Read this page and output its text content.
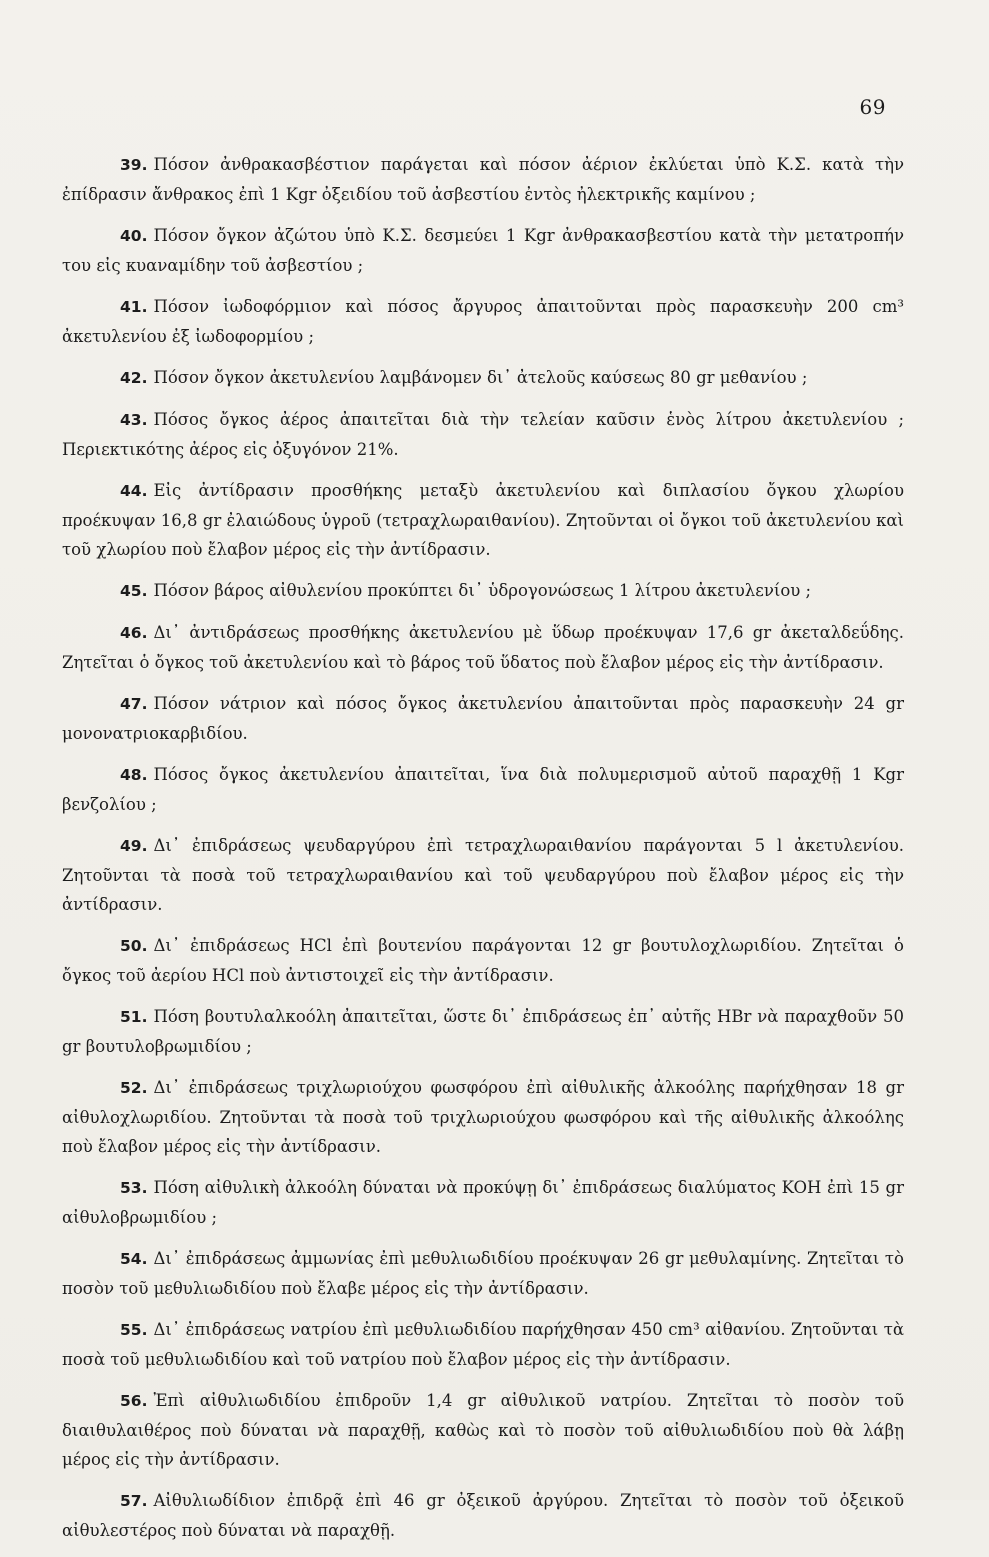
69

39. Πόσον ἀνθρακασβέστιον παράγεται καὶ πόσον ἀέριον ἐκλύεται ὑπὸ Κ.Σ. κατὰ τὴν ἐπίδρασιν ἄνθρακος ἐπὶ 1 Kgr ὀξειδίου τοῦ ἀσβεστίου ἐντὸς ἠλεκτρικῆς καμίνου ;

40. Πόσον ὄγκον ἀζώτου ὑπὸ Κ.Σ. δεσμεύει 1 Kgr ἀνθρακασβεστίου κατὰ τὴν μετατροπήν του εἰς κυαναμίδην τοῦ ἀσβεστίου ;

41. Πόσον ἰωδοφόρμιον καὶ πόσος ἄργυρος ἀπαιτοῦνται πρὸς παρασκευὴν 200 cm³ ἀκετυλενίου ἐξ ἰωδοφορμίου ;

42. Πόσον ὄγκον ἀκετυλενίου λαμβάνομεν δι᾽ ἀτελοῦς καύσεως 80 gr μεθανίου ;

43. Πόσος ὄγκος ἀέρος ἀπαιτεῖται διὰ τὴν τελείαν καῦσιν ἑνὸς λίτρου ἀκετυλενίου ; Περιεκτικότης ἀέρος εἰς ὀξυγόνον 21%.

44. Εἰς ἀντίδρασιν προσθήκης μεταξὺ ἀκετυλενίου καὶ διπλασίου ὄγκου χλωρίου προέκυψαν 16,8 gr ἐλαιώδους ὑγροῦ (τετραχλωραιθανίου). Ζητοῦνται οἱ ὄγκοι τοῦ ἀκετυλενίου καὶ τοῦ χλωρίου ποὺ ἔλαβον μέρος εἰς τὴν ἀντίδρασιν.

45. Πόσον βάρος αἰθυλενίου προκύπτει δι᾽ ὑδρογονώσεως 1 λίτρου ἀκετυλενίου ;

46. Δι᾽ ἀντιδράσεως προσθήκης ἀκετυλενίου μὲ ὕδωρ προέκυψαν 17,6 gr ἀκεταλδεΰδης. Ζητεῖται ὁ ὄγκος τοῦ ἀκετυλενίου καὶ τὸ βάρος τοῦ ὕδατος ποὺ ἔλαβον μέρος εἰς τὴν ἀντίδρασιν.

47. Πόσον νάτριον καὶ πόσος ὄγκος ἀκετυλενίου ἀπαιτοῦνται πρὸς παρασκευὴν 24 gr μονονατριοκαρβιδίου.

48. Πόσος ὄγκος ἀκετυλενίου ἀπαιτεῖται, ἵνα διὰ πολυμερισμοῦ αὐτοῦ παραχθῇ 1 Kgr βενζολίου ;

49. Δι᾽ ἐπιδράσεως ψευδαργύρου ἐπὶ τετραχλωραιθανίου παράγονται 5 l ἀκετυλενίου. Ζητοῦνται τὰ ποσὰ τοῦ τετραχλωραιθανίου καὶ τοῦ ψευδαργύρου ποὺ ἔλαβον μέρος εἰς τὴν ἀντίδρασιν.

50. Δι᾽ ἐπιδράσεως HCl ἐπὶ βουτενίου παράγονται 12 gr βουτυλοχλωριδίου. Ζητεῖται ὁ ὄγκος τοῦ ἀερίου HCl ποὺ ἀντιστοιχεῖ εἰς τὴν ἀντίδρασιν.

51. Πόση βουτυλαλκοόλη ἀπαιτεῖται, ὥστε δι᾽ ἐπιδράσεως ἐπ᾽ αὐτῆς HBr νὰ παραχθοῦν 50 gr βουτυλοβρωμιδίου ;

52. Δι᾽ ἐπιδράσεως τριχλωριούχου φωσφόρου ἐπὶ αἰθυλικῆς ἀλκοόλης παρήχθησαν 18 gr αἰθυλοχλωριδίου. Ζητοῦνται τὰ ποσὰ τοῦ τριχλωριούχου φωσφόρου καὶ τῆς αἰθυλικῆς ἀλκοόλης ποὺ ἔλαβον μέρος εἰς τὴν ἀντίδρασιν.

53. Πόση αἰθυλικὴ ἀλκοόλη δύναται νὰ προκύψῃ δι᾽ ἐπιδράσεως διαλύματος KOH ἐπὶ 15 gr αἰθυλοβρωμιδίου ;

54. Δι᾽ ἐπιδράσεως ἀμμωνίας ἐπὶ μεθυλιωδιδίου προέκυψαν 26 gr μεθυλαμίνης. Ζητεῖται τὸ ποσὸν τοῦ μεθυλιωδιδίου ποὺ ἔλαβε μέρος εἰς τὴν ἀντίδρασιν.

55. Δι᾽ ἐπιδράσεως νατρίου ἐπὶ μεθυλιωδιδίου παρήχθησαν 450 cm³ αἰθανίου. Ζητοῦνται τὰ ποσὰ τοῦ μεθυλιωδιδίου καὶ τοῦ νατρίου ποὺ ἔλαβον μέρος εἰς τὴν ἀντίδρασιν.

56. Ἐπὶ αἰθυλιωδιδίου ἐπιδροῦν 1,4 gr αἰθυλικοῦ νατρίου. Ζητεῖται τὸ ποσὸν τοῦ διαιθυλαιθέρος ποὺ δύναται νὰ παραχθῇ, καθὼς καὶ τὸ ποσὸν τοῦ αἰθυλιωδιδίου ποὺ θὰ λάβῃ μέρος εἰς τὴν ἀντίδρασιν.

57. Αἰθυλιωδίδιον ἐπιδρᾷ ἐπὶ 46 gr ὀξεικοῦ ἀργύρου. Ζητεῖται τὸ ποσὸν τοῦ ὀξεικοῦ αἰθυλεστέρος ποὺ δύναται νὰ παραχθῇ.
